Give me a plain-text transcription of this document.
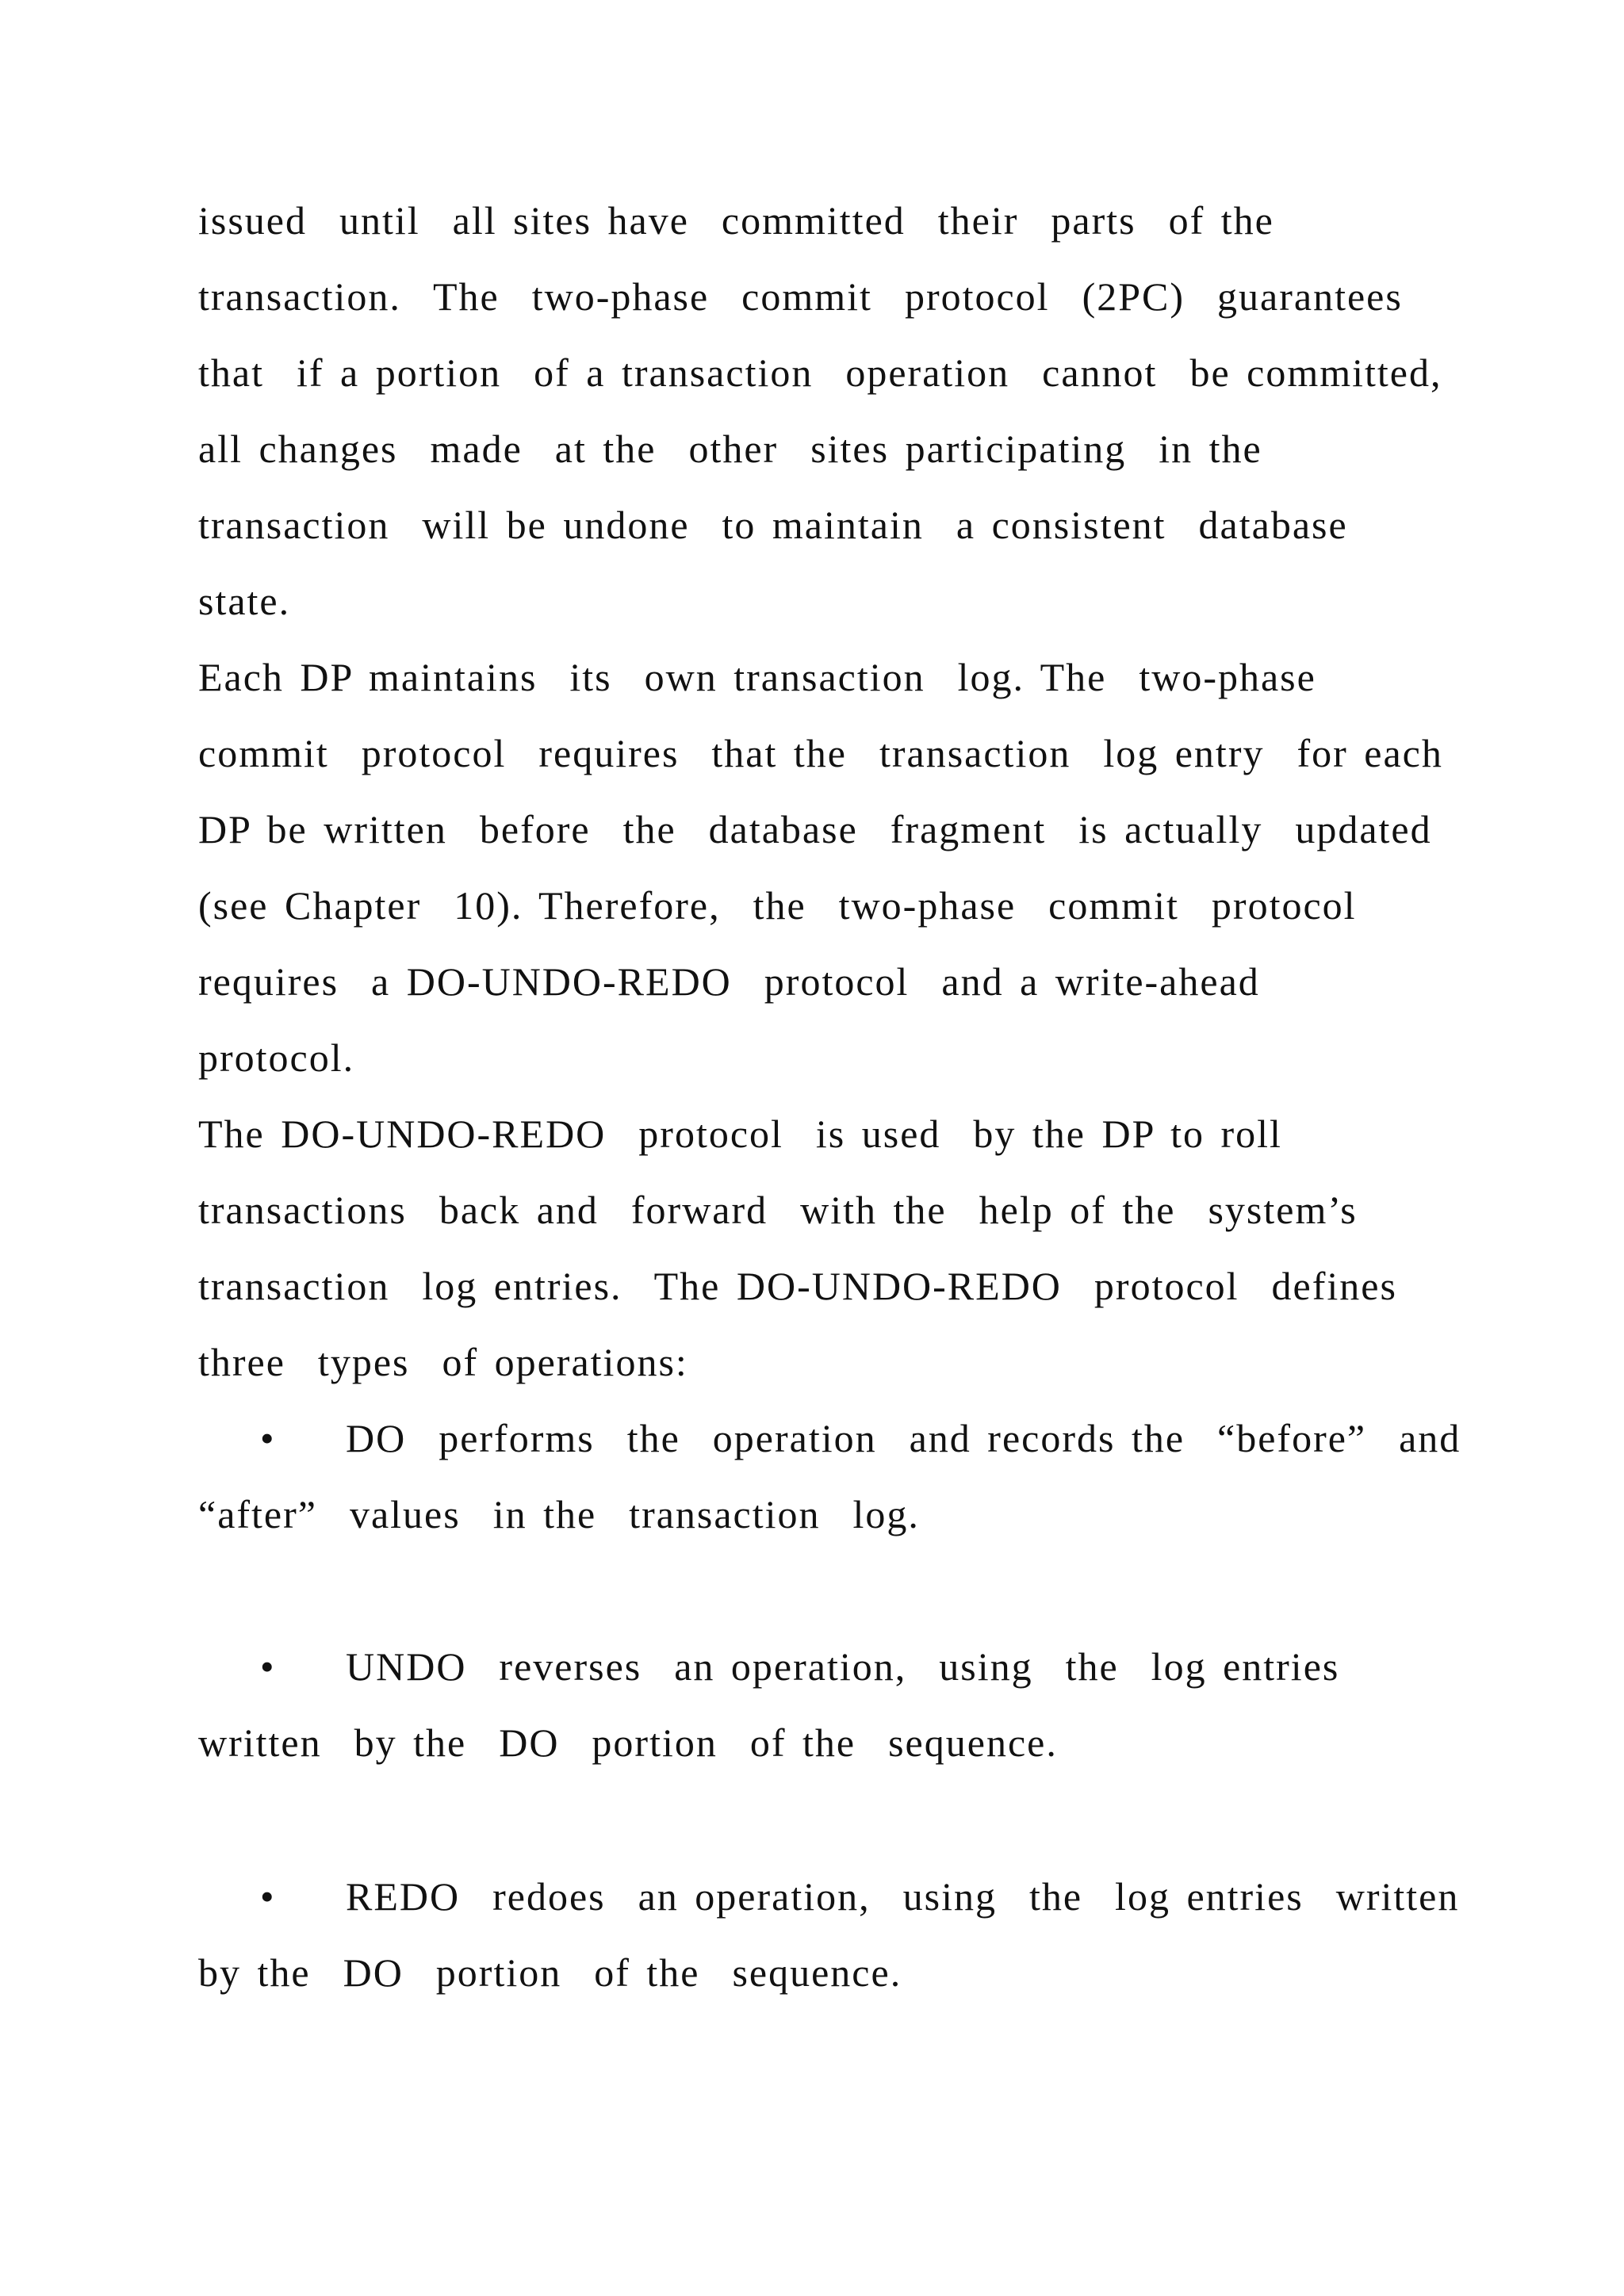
issued  until  all sites have  committed  their  parts  of the

transaction.  The  two-phase  commit  protocol  (2PC)  guarantees

that  if a portion  of a transaction  operation  cannot  be committed,

all changes  made  at the  other  sites participating  in the

transaction  will be undone  to maintain  a consistent  database

state.

Each DP maintains  its  own transaction  log. The  two-phase

commit  protocol  requires  that the  transaction  log entry  for each

DP be written  before  the  database  fragment  is actually  updated

(see Chapter  10). Therefore,  the  two-phase  commit  protocol

requires  a DO-UNDO-REDO  protocol  and a write-ahead

protocol.

The DO-UNDO-REDO  protocol  is used  by the DP to roll

transactions  back and  forward  with the  help of the  system’s

transaction  log entries.  The DO-UNDO-REDO  protocol  defines

three  types  of operations:

• DO  performs  the  operation  and records the  “before”  and

“after”  values  in the  transaction  log.

• UNDO  reverses  an operation,  using  the  log entries

written  by the  DO  portion  of the  sequence.

• REDO  redoes  an operation,  using  the  log entries  written

by the  DO  portion  of the  sequence.
